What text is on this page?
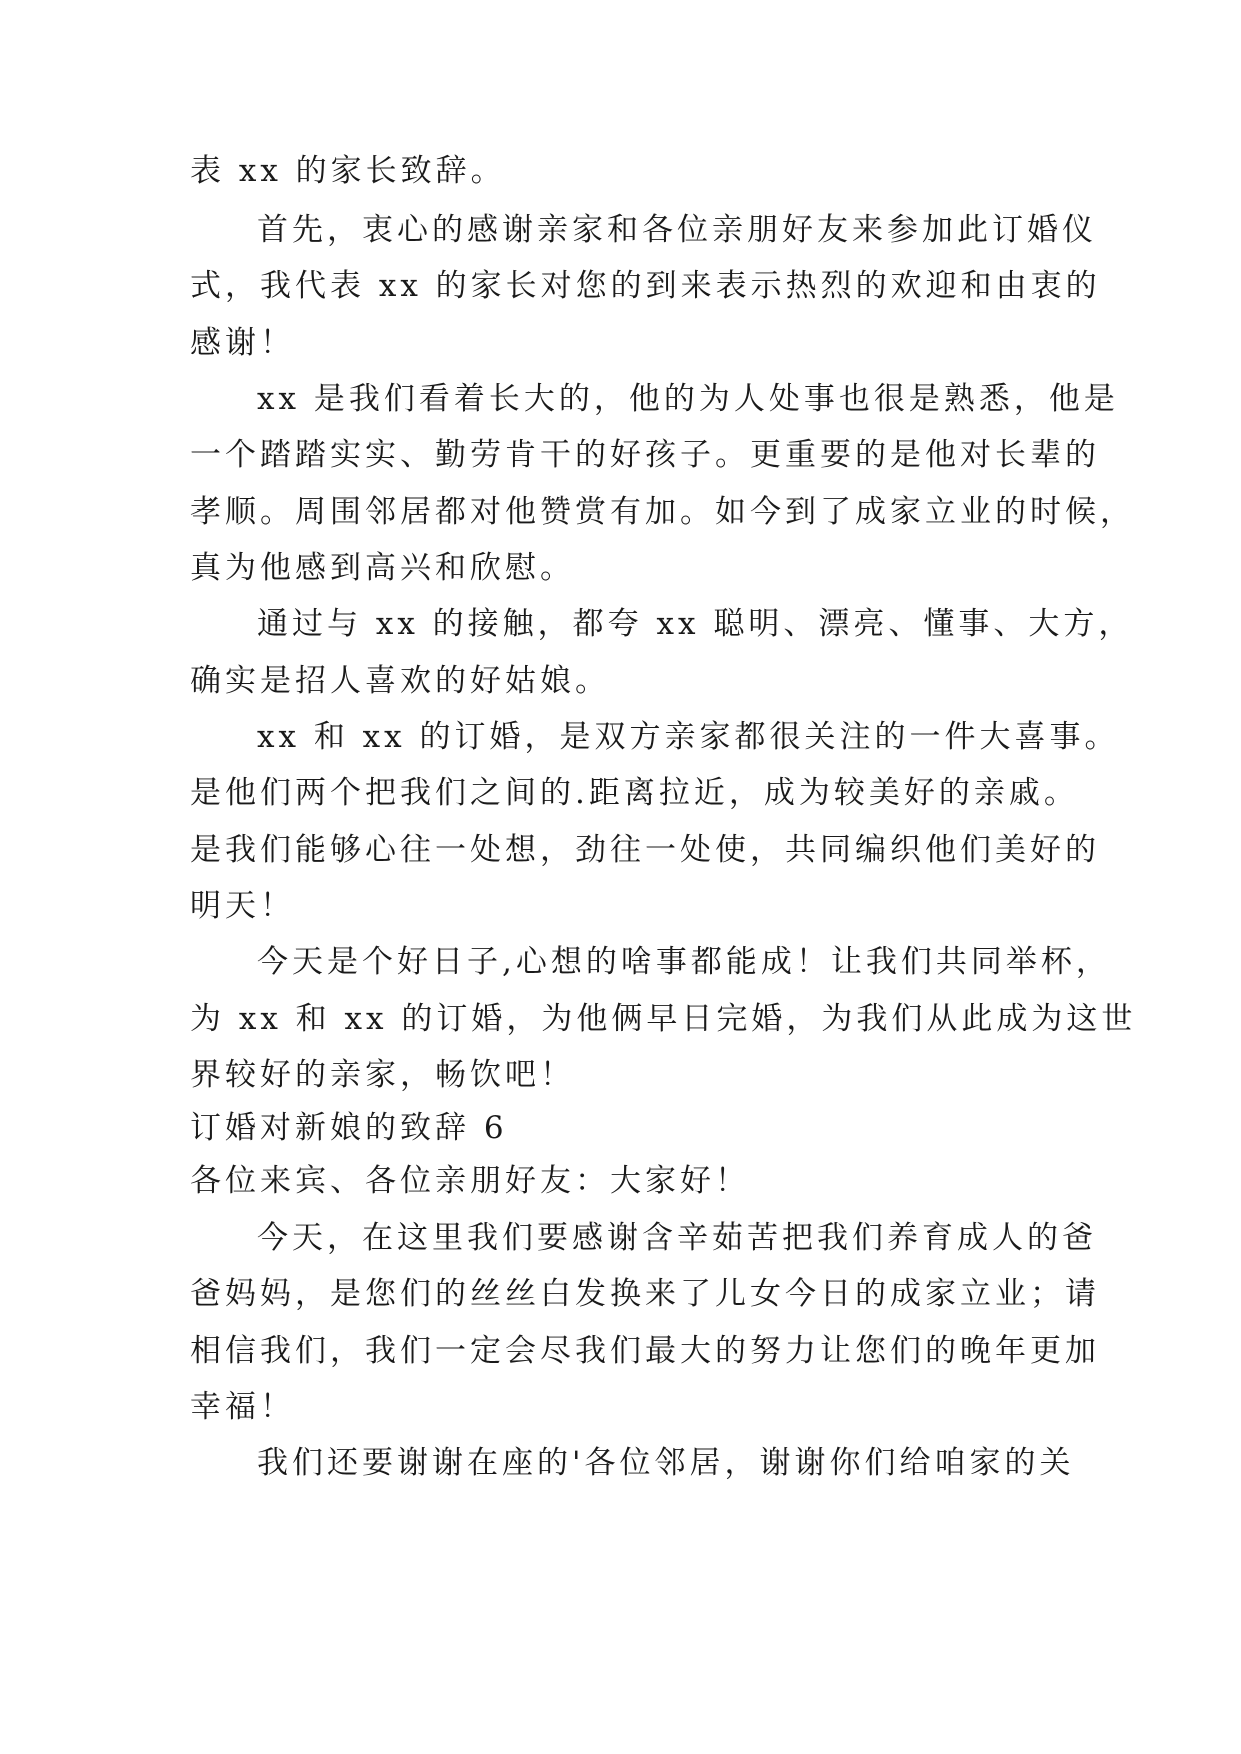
表 xx 的家长致辞。
首先，衷心的感谢亲家和各位亲朋好友来参加此订婚仪
式，我代表 xx 的家长对您的到来表示热烈的欢迎和由衷的
感谢！
xx 是我们看着长大的，他的为人处事也很是熟悉，他是
一个踏踏实实、勤劳肯干的好孩子。更重要的是他对长辈的
孝顺。周围邻居都对他赞赏有加。如今到了成家立业的时候，
真为他感到高兴和欣慰。
通过与 xx 的接触，都夸 xx 聪明、漂亮、懂事、大方，
确实是招人喜欢的好姑娘。
xx 和 xx 的订婚，是双方亲家都很关注的一件大喜事。
是他们两个把我们之间的.距离拉近，成为较美好的亲戚。
是我们能够心往一处想，劲往一处使，共同编织他们美好的
明天！
今天是个好日子,心想的啥事都能成！让我们共同举杯，
为 xx 和 xx 的订婚，为他俩早日完婚，为我们从此成为这世
界较好的亲家，畅饮吧！
订婚对新娘的致辞 6
各位来宾、各位亲朋好友：大家好！
今天，在这里我们要感谢含辛茹苦把我们养育成人的爸
爸妈妈，是您们的丝丝白发换来了儿女今日的成家立业；请
相信我们，我们一定会尽我们最大的努力让您们的晚年更加
幸福！
我们还要谢谢在座的'各位邻居，谢谢你们给咱家的关
